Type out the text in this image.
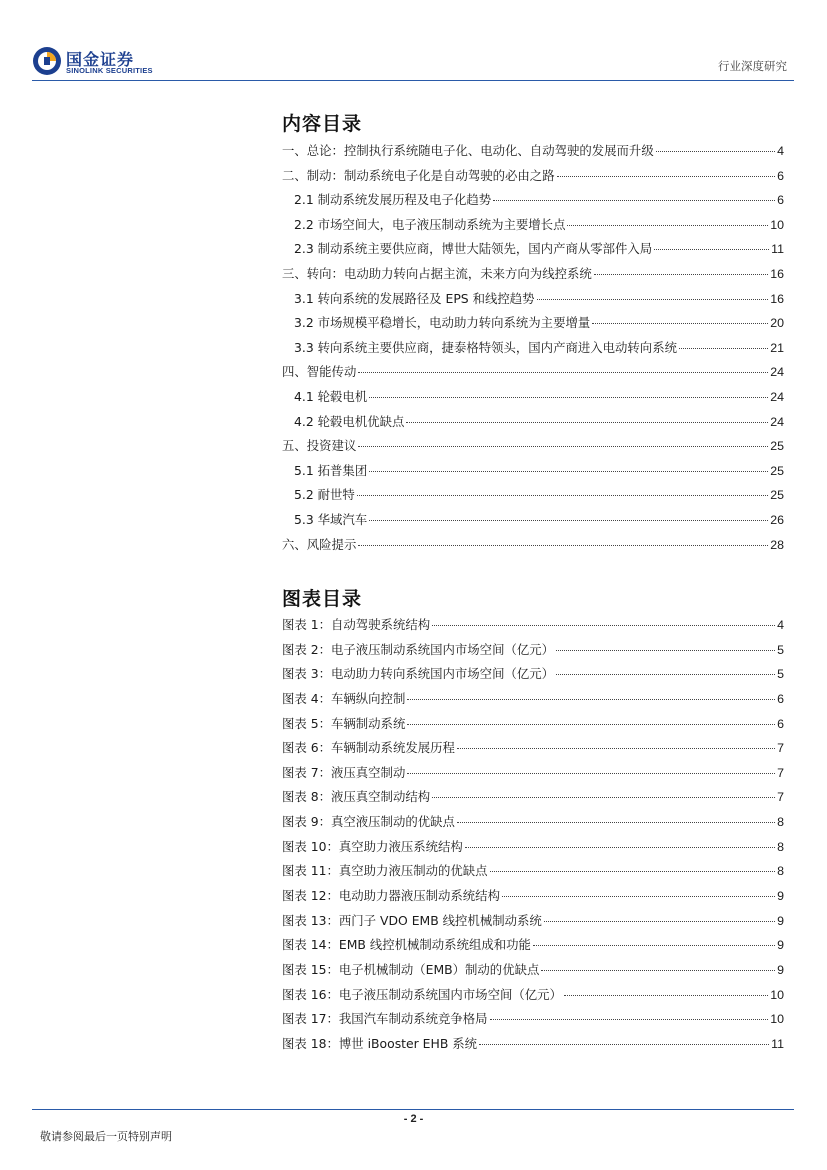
国金证券
SINOLINK SECURITIES	行业深度研究
内容目录
一、总论：控制执行系统随电子化、电动化、自动驾驶的发展而升级	4
二、制动：制动系统电子化是自动驾驶的必由之路	6
2.1 制动系统发展历程及电子化趋势	6
2.2 市场空间大，电子液压制动系统为主要增长点	10
2.3 制动系统主要供应商，博世大陆领先，国内产商从零部件入局	11
三、转向：电动助力转向占据主流，未来方向为线控系统	16
3.1 转向系统的发展路径及 EPS 和线控趋势	16
3.2 市场规模平稳增长，电动助力转向系统为主要增量	20
3.3 转向系统主要供应商，捷泰格特领头，国内产商进入电动转向系统	21
四、智能传动	24
4.1 轮毂电机	24
4.2 轮毂电机优缺点	24
五、投资建议	25
5.1 拓普集团	25
5.2 耐世特	25
5.3 华域汽车	26
六、风险提示	28
图表目录
图表 1：自动驾驶系统结构	4
图表 2：电子液压制动系统国内市场空间（亿元）	5
图表 3：电动助力转向系统国内市场空间（亿元）	5
图表 4：车辆纵向控制	6
图表 5：车辆制动系统	6
图表 6：车辆制动系统发展历程	7
图表 7：液压真空制动	7
图表 8：液压真空制动结构	7
图表 9：真空液压制动的优缺点	8
图表 10：真空助力液压系统结构	8
图表 11：真空助力液压制动的优缺点	8
图表 12：电动助力器液压制动系统结构	9
图表 13：西门子 VDO EMB 线控机械制动系统	9
图表 14：EMB 线控机械制动系统组成和功能	9
图表 15：电子机械制动（EMB）制动的优缺点	9
图表 16：电子液压制动系统国内市场空间（亿元）	10
图表 17：我国汽车制动系统竞争格局	10
图表 18：博世 iBooster EHB 系统	11
- 2 -
敬请参阅最后一页特别声明
